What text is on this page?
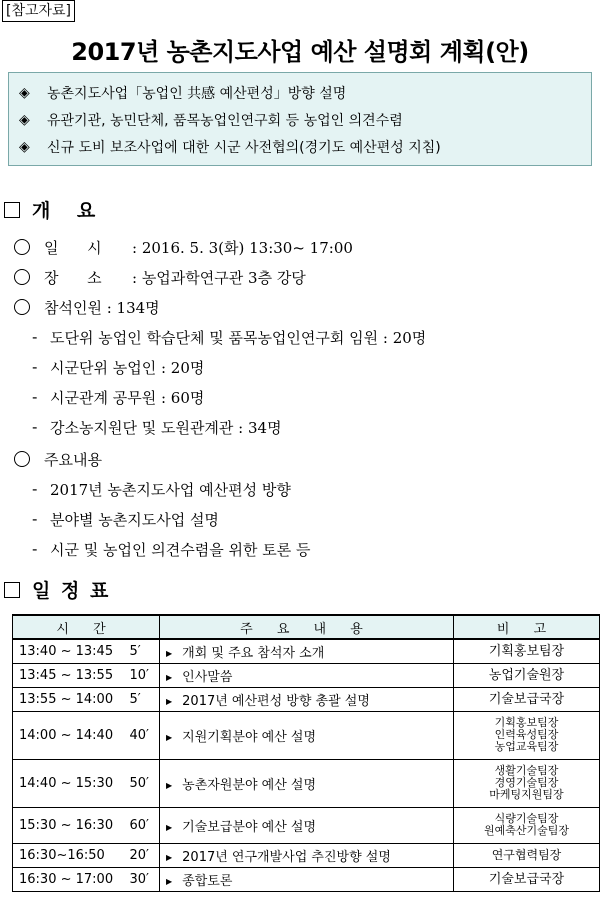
[참고자료]
2017년 농촌지도사업 예산 설명회 계획(안)
◈	농촌지도사업「농업인 共感 예산편성」방향 설명
◈	유관기관, 농민단체, 품목농업인연구회 등 농업인 의견수렴
◈	신규 도비 보조사업에 대한 시군 사전협의(경기도 예산편성 지침)
개    요
일      시	: 2016. 5. 3(화) 13:30~ 17:00
장      소	: 농업과학연구관 3층 강당
참석인원 : 134명
- 도단위 농업인 학습단체 및 품목농업인연구회 임원 : 20명
- 시군단위 농업인 : 20명
- 시군관계 공무원 : 60명
- 강소농지원단 및 도원관계관 : 34명
주요내용
- 2017년 농촌지도사업 예산편성 방향
- 분야별 농촌지도사업 설명
- 시군 및 농업인 의견수렴을 위한 토론 등
일 정 표
시 간		주 요 내 용	비 고
13:40 ~ 13:45	5′	▶ 개회 및 주요 참석자 소개	기획홍보팀장
13:45 ~ 13:55	10′	▶ 인사말씀	농업기술원장
13:55 ~ 14:00	5′	▶ 2017년 예산편성 방향 총괄 설명	기술보급국장
14:00 ~ 14:40	40′	▶ 지원기획분야 예산 설명	기획홍보팀장
인력육성팀장
농업교육팀장

14:40 ~ 15:30	50′	▶ 농촌자원분야 예산 설명	생활기술팀장
경영기술팀장
마케팅지원팀장

15:30 ~ 16:30	60′	▶ 기술보급분야 예산 설명	식량기술팀장
원예축산기술팀장

16:30~16:50	20′	▶ 2017년 연구개발사업 추진방향 설명	연구협력팀장
16:30 ~ 17:00	30′	▶ 종합토론	기술보급국장
